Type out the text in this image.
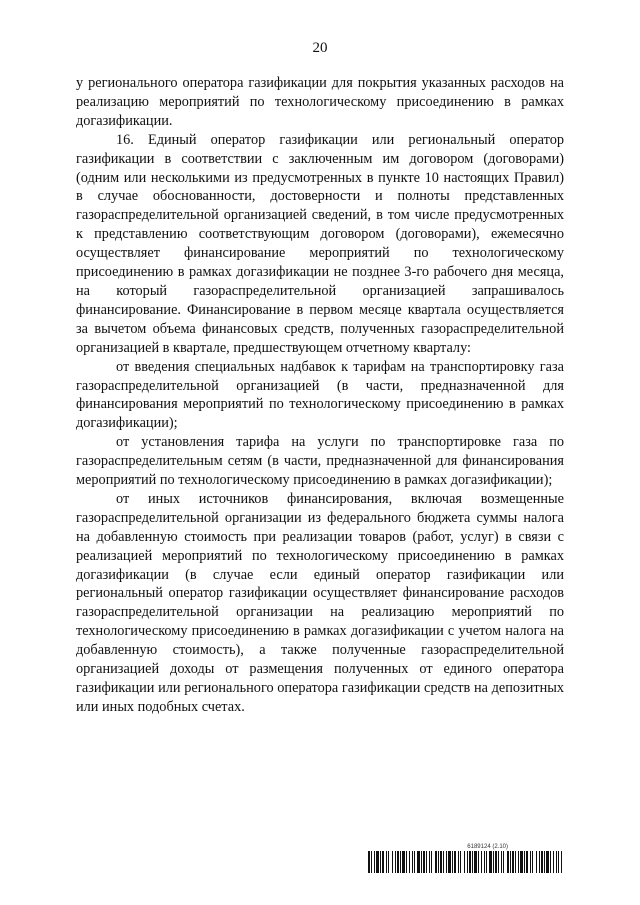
20

у регионального оператора газификации для покрытия указанных расходов на реализацию мероприятий по технологическому присоединению в рамках догазификации.

16. Единый оператор газификации или региональный оператор газификации в соответствии с заключенным им договором (договорами) (одним или несколькими из предусмотренных в пункте 10 настоящих Правил) в случае обоснованности, достоверности и полноты представленных газораспределительной организацией сведений, в том числе предусмотренных к представлению соответствующим договором (договорами), ежемесячно осуществляет финансирование мероприятий по технологическому присоединению в рамках догазификации не позднее 3-го рабочего дня месяца, на который газораспределительной организацией запрашивалось финансирование. Финансирование в первом месяце квартала осуществляется за вычетом объема финансовых средств, полученных газораспределительной организацией в квартале, предшествующем отчетному кварталу:

от введения специальных надбавок к тарифам на транспортировку газа газораспределительной организацией (в части, предназначенной для финансирования мероприятий по технологическому присоединению в рамках догазификации);

от установления тарифа на услуги по транспортировке газа по газораспределительным сетям (в части, предназначенной для финансирования мероприятий по технологическому присоединению в рамках догазификации);

от иных источников финансирования, включая возмещенные газораспределительной организации из федерального бюджета суммы налога на добавленную стоимость при реализации товаров (работ, услуг) в связи с реализацией мероприятий по технологическому присоединению в рамках догазификации (в случае если единый оператор газификации или региональный оператор газификации осуществляет финансирование расходов газораспределительной организации на реализацию мероприятий по технологическому присоединению в рамках догазификации с учетом налога на добавленную стоимость), а также полученные газораспределительной организацией доходы от размещения полученных от единого оператора газификации или регионального оператора газификации средств на депозитных или иных подобных счетах.

6189124 (2.10)
